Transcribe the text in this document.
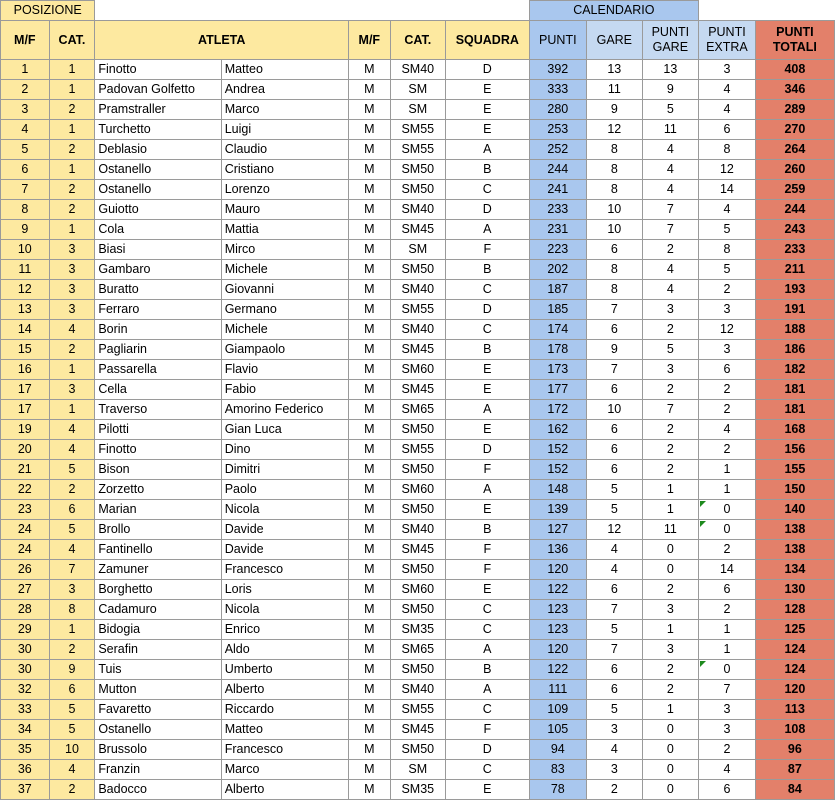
POSIZIONE							CALENDARIO				
M/F	CAT.	ATLETA		M/F	CAT.	SQUADRA	PUNTI	GARE	PUNTI GARE	PUNTI EXTRA	PUNTI TOTALI
1	1	Finotto	Matteo	M	SM40	D	392	13	13	3	408
2	1	Padovan Golfetto	Andrea	M	SM	E	333	11	9	4	346
3	2	Pramstraller	Marco	M	SM	E	280	9	5	4	289
4	1	Turchetto	Luigi	M	SM55	E	253	12	11	6	270
5	2	Deblasio	Claudio	M	SM55	A	252	8	4	8	264
6	1	Ostanello	Cristiano	M	SM50	B	244	8	4	12	260
7	2	Ostanello	Lorenzo	M	SM50	C	241	8	4	14	259
8	2	Guiotto	Mauro	M	SM40	D	233	10	7	4	244
9	1	Cola	Mattia	M	SM45	A	231	10	7	5	243
10	3	Biasi	Mirco	M	SM	F	223	6	2	8	233
11	3	Gambaro	Michele	M	SM50	B	202	8	4	5	211
12	3	Buratto	Giovanni	M	SM40	C	187	8	4	2	193
13	3	Ferraro	Germano	M	SM55	D	185	7	3	3	191
14	4	Borin	Michele	M	SM40	C	174	6	2	12	188
15	2	Pagliarin	Giampaolo	M	SM45	B	178	9	5	3	186
16	1	Passarella	Flavio	M	SM60	E	173	7	3	6	182
17	3	Cella	Fabio	M	SM45	E	177	6	2	2	181
17	1	Traverso	Amorino Federico	M	SM65	A	172	10	7	2	181
19	4	Pilotti	Gian Luca	M	SM50	E	162	6	2	4	168
20	4	Finotto	Dino	M	SM55	D	152	6	2	2	156
21	5	Bison	Dimitri	M	SM50	F	152	6	2	1	155
22	2	Zorzetto	Paolo	M	SM60	A	148	5	1	1	150
23	6	Marian	Nicola	M	SM50	E	139	5	1	0	140
24	5	Brollo	Davide	M	SM40	B	127	12	11	0	138
24	4	Fantinello	Davide	M	SM45	F	136	4	0	2	138
26	7	Zamuner	Francesco	M	SM50	F	120	4	0	14	134
27	3	Borghetto	Loris	M	SM60	E	122	6	2	6	130
28	8	Cadamuro	Nicola	M	SM50	C	123	7	3	2	128
29	1	Bidogia	Enrico	M	SM35	C	123	5	1	1	125
30	2	Serafin	Aldo	M	SM65	A	120	7	3	1	124
30	9	Tuis	Umberto	M	SM50	B	122	6	2	0	124
32	6	Mutton	Alberto	M	SM40	A	111	6	2	7	120
33	5	Favaretto	Riccardo	M	SM55	C	109	5	1	3	113
34	5	Ostanello	Matteo	M	SM45	F	105	3	0	3	108
35	10	Brussolo	Francesco	M	SM50	D	94	4	0	2	96
36	4	Franzin	Marco	M	SM	C	83	3	0	4	87
37	2	Badocco	Alberto	M	SM35	E	78	2	0	6	84
